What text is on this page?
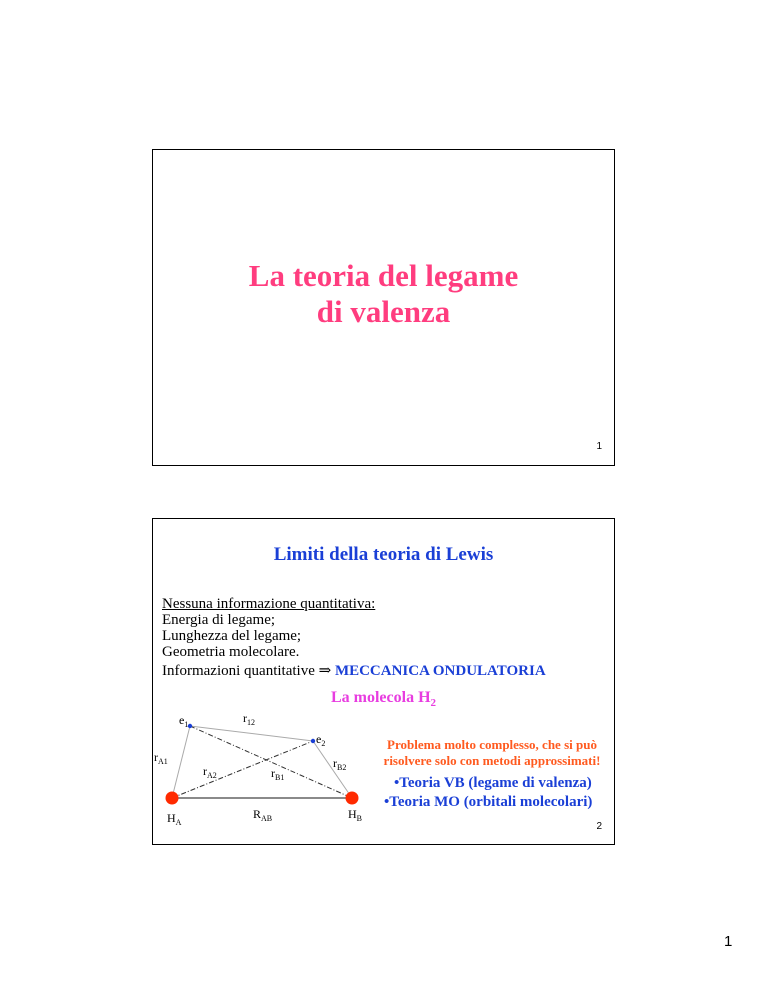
La teoria del legame
di valenza
1
Limiti della teoria di Lewis
Nessuna informazione quantitativa:
Energia di legame;
Lunghezza del legame;
Geometria molecolare.
Informazioni quantitative ⇒ MECCANICA ONDULATORIA
La molecola $H_2$
$e_1$
$e_2$
$r_{12}$
$r_{A1}$
$r_{A2}$	$r_{B1}$
$r_{B2}$
$H_A$
$R_{AB}$	$H_B$
Problema molto complesso, che si può risolvere solo con metodi approssimati!
•Teoria VB (legame di valenza)
•Teoria MO (orbitali molecolari)
2
1
